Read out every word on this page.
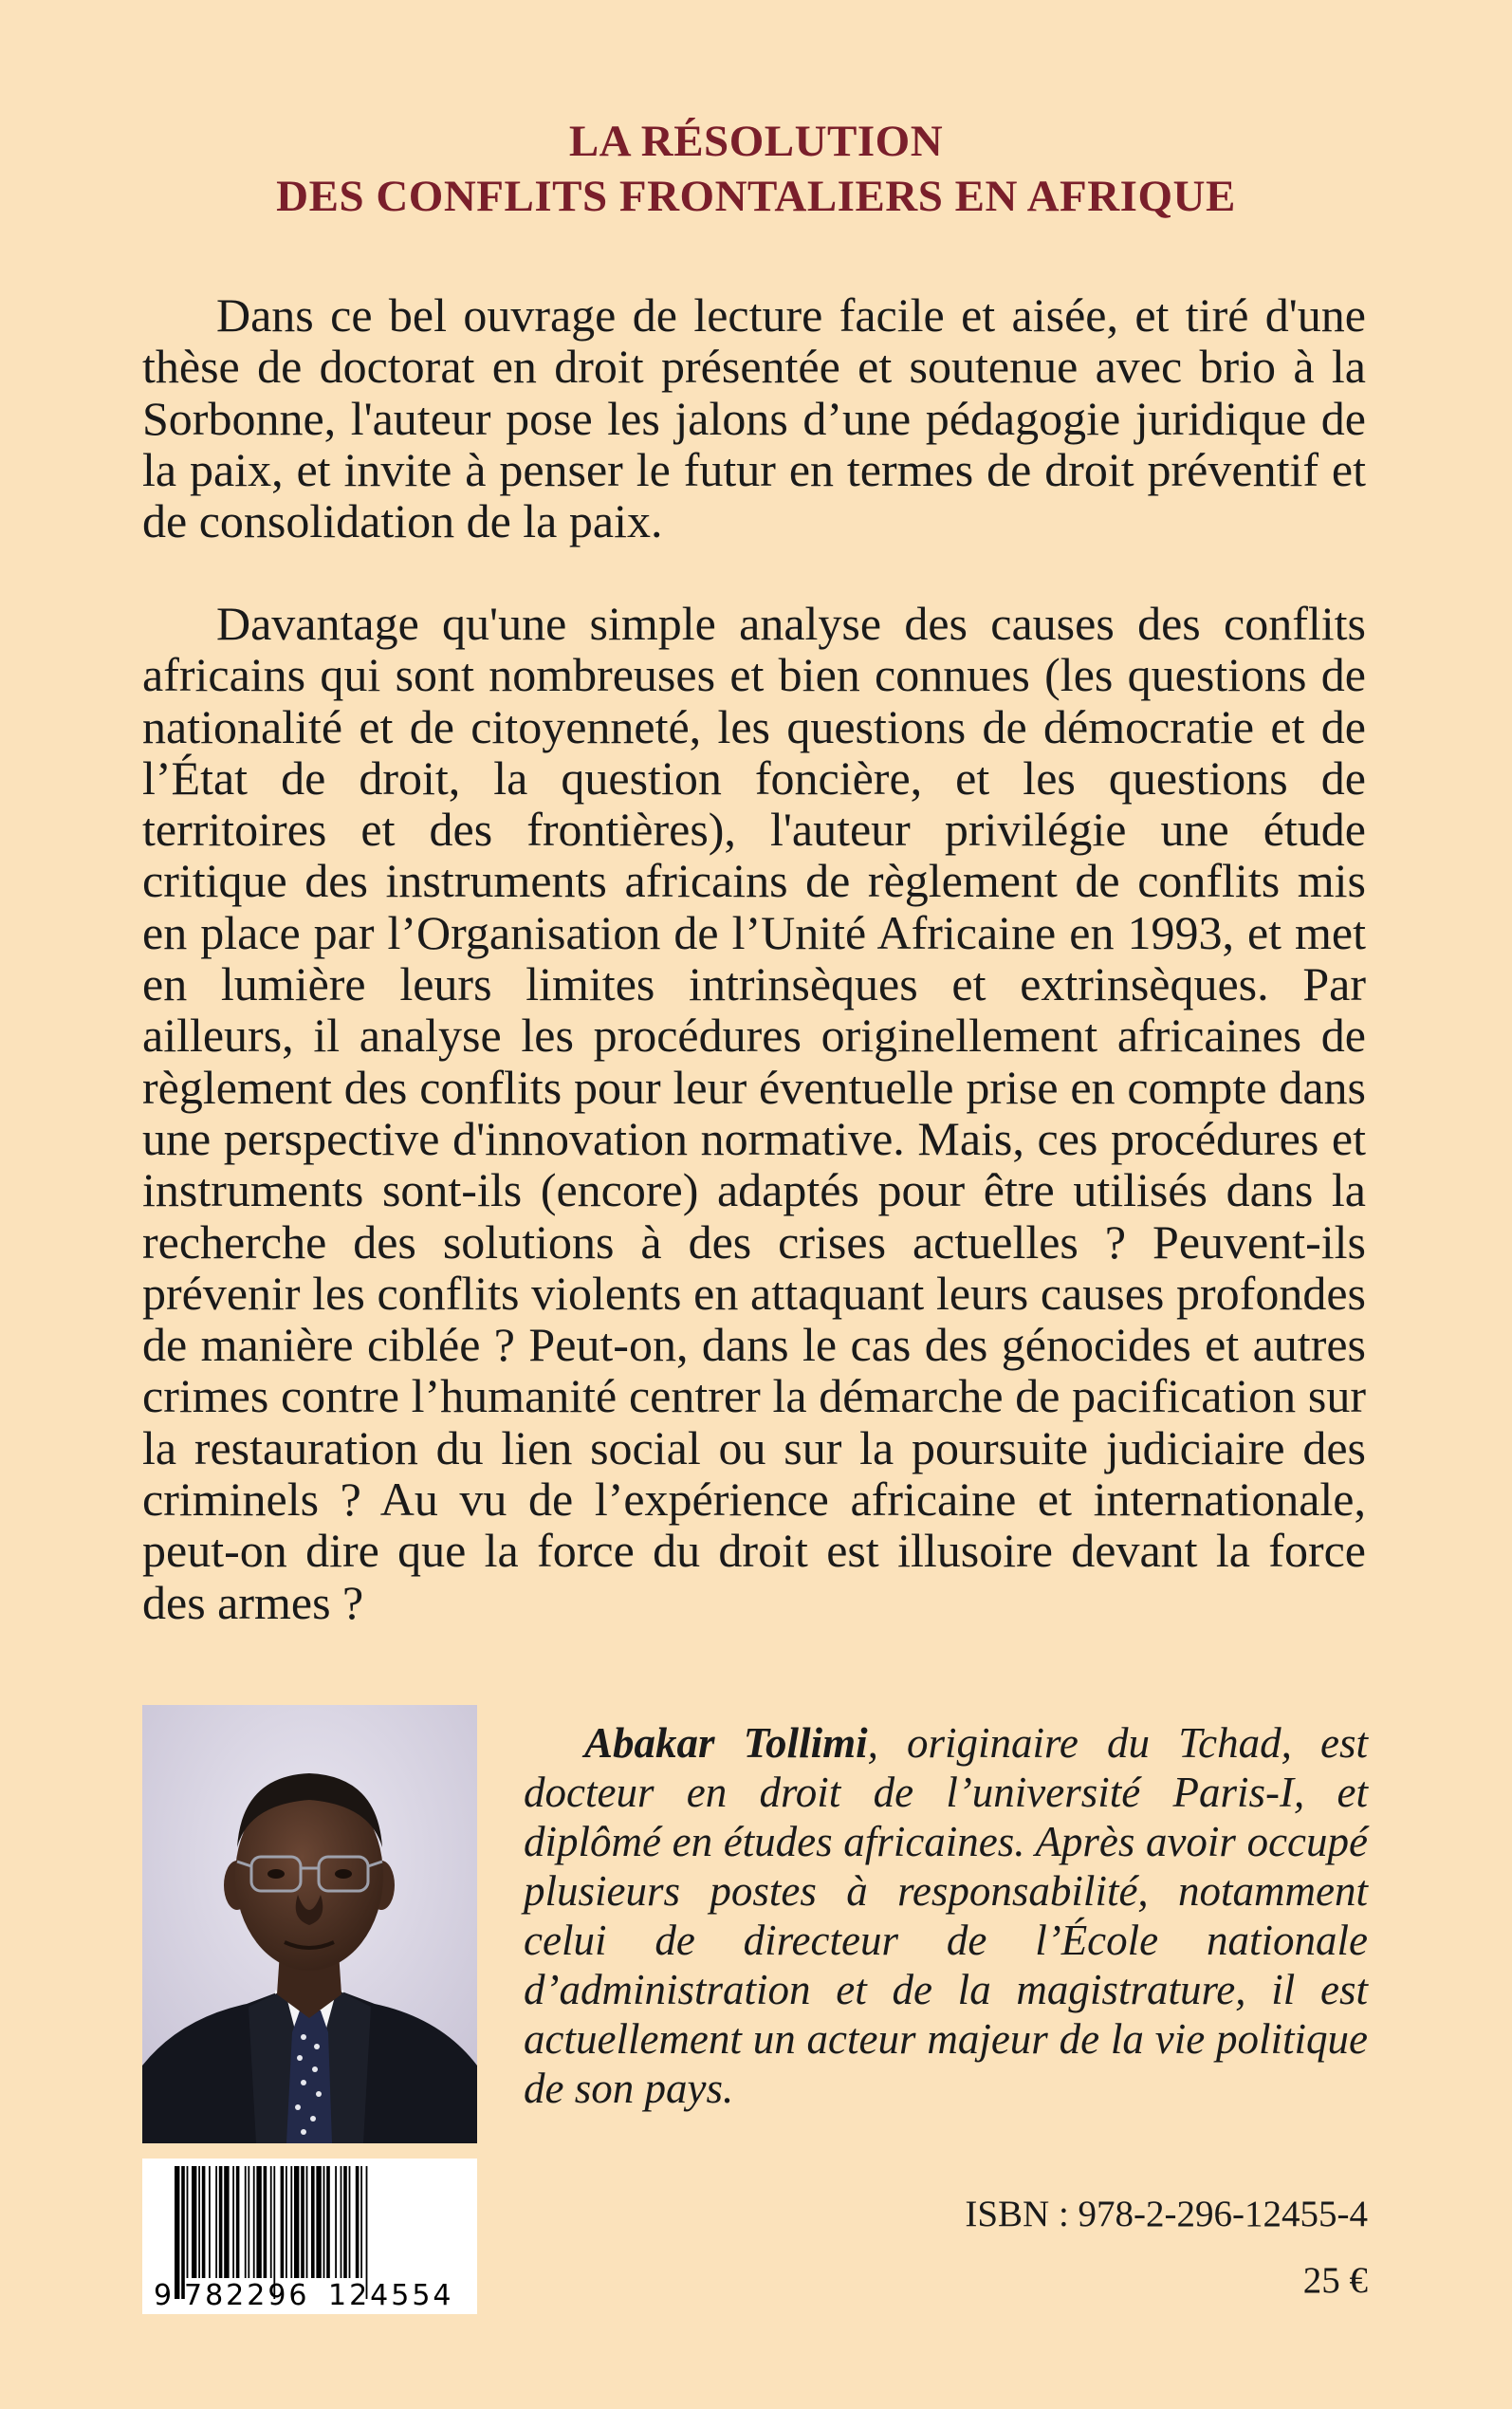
LA RÉSOLUTION
DES CONFLITS FRONTALIERS EN AFRIQUE

Dans ce bel ouvrage de lecture facile et aisée, et tiré d'une thèse de doctorat en droit présentée et soutenue avec brio à la Sorbonne, l'auteur pose les jalons d’une pédagogie juridique de la paix, et invite à penser le futur en termes de droit préventif et de consolidation de la paix.

Davantage qu'une simple analyse des causes des conflits africains qui sont nombreuses et bien connues (les questions de nationalité et de citoyenneté, les questions de démocratie et de l’État de droit, la question foncière, et les questions de territoires et des frontières), l'auteur privilégie une étude critique des instruments africains de règlement de conflits mis en place par l’Organisation de l’Unité Africaine en 1993, et met en lumière leurs limites intrinsèques et extrinsèques. Par ailleurs, il analyse les procédures originellement africaines de règlement des conflits pour leur éventuelle prise en compte dans une perspective d'innovation normative. Mais, ces procédures et instruments sont-ils (encore) adaptés pour être utilisés dans la recherche des solutions à des crises actuelles ? Peuvent-ils prévenir les conflits violents en attaquant leurs causes profondes de manière ciblée ? Peut-on, dans le cas des génocides et autres crimes contre l’humanité centrer la démarche de pacification sur la restauration du lien social ou sur la poursuite judiciaire des criminels ? Au vu de l’expérience africaine et internationale, peut-on dire que la force du droit est illusoire devant la force des armes ?

Abakar Tollimi, originaire du Tchad, est docteur en droit de l’université Paris-I, et diplômé en études africaines. Après avoir occupé plusieurs postes à responsabilité, notamment celui de directeur de l’École nationale d’administration et de la magistrature, il est actuellement un acteur majeur de la vie politique de son pays.

9 782296 124554
ISBN : 978-2-296-12455-4
25 €
